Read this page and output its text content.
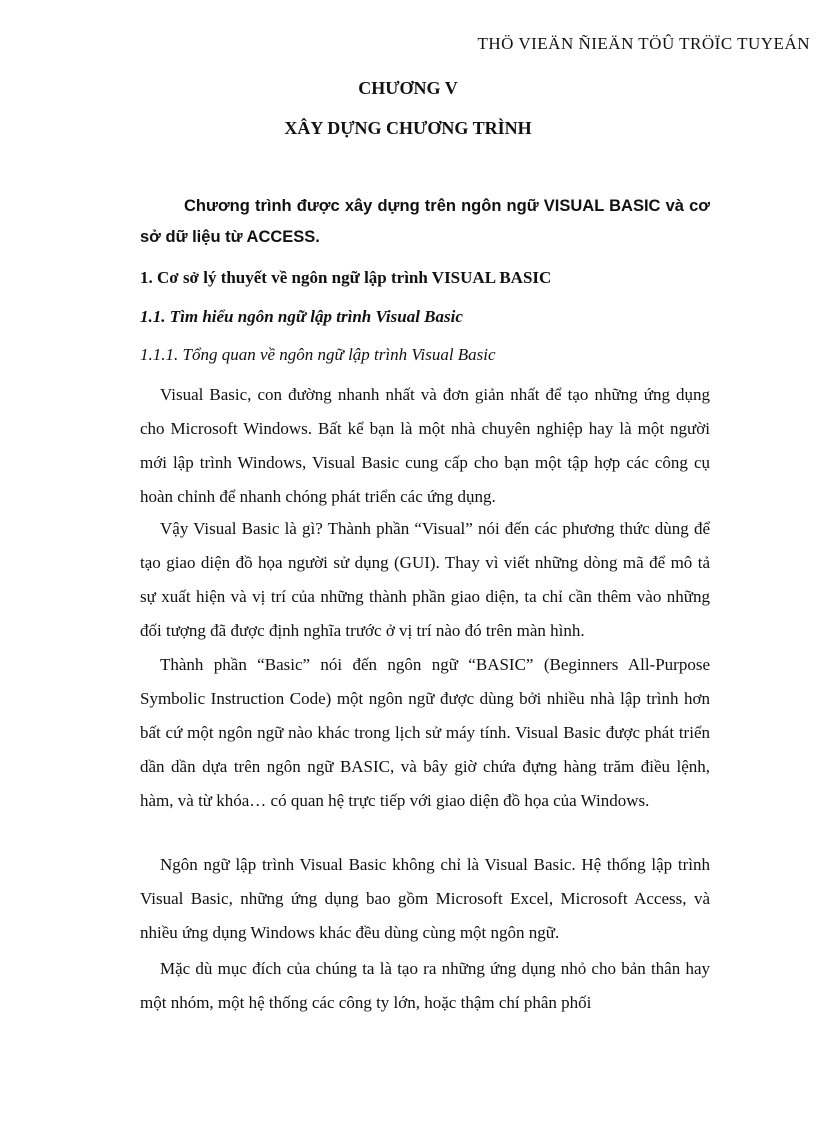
THÖ VIEÄN ÑIEÄN TÖÛ TRÖÏC TUYEÁN
CHƯƠNG V
XÂY DỰNG CHƯƠNG TRÌNH
Chương trình được xây dựng trên ngôn ngữ VISUAL BASIC và cơ sở dữ liệu từ ACCESS.
1. Cơ sở lý thuyết về ngôn ngữ lập trình VISUAL BASIC
1.1. Tìm hiểu ngôn ngữ lập trình Visual Basic
1.1.1. Tổng quan về ngôn ngữ lập trình Visual Basic

Visual Basic, con đường nhanh nhất và đơn giản nhất để tạo những ứng dụng cho Microsoft Windows. Bất kể bạn là một nhà chuyên nghiệp hay là một người mới lập trình Windows, Visual Basic cung cấp cho bạn một tập hợp các công cụ hoàn chỉnh để nhanh chóng phát triển các ứng dụng.

Vậy Visual Basic là gì? Thành phần “Visual” nói đến các phương thức dùng để tạo giao diện đồ họa người sử dụng (GUI). Thay vì viết những dòng mã để mô tả sự xuất hiện và vị trí của những thành phần giao diện, ta chỉ cần thêm vào những đối tượng đã được định nghĩa trước ở vị trí nào đó trên màn hình.

Thành phần “Basic” nói đến ngôn ngữ “BASIC” (Beginners All-Purpose Symbolic Instruction Code) một ngôn ngữ được dùng bởi nhiều nhà lập trình hơn bất cứ một ngôn ngữ nào khác trong lịch sử máy tính. Visual Basic được phát triển dần dần dựa trên ngôn ngữ BASIC, và bây giờ chứa đựng hàng trăm điều lệnh, hàm, và từ khóa… có quan hệ trực tiếp với giao diện đồ họa của Windows.

Ngôn ngữ lập trình Visual Basic không chỉ là Visual Basic. Hệ thống lập trình Visual Basic, những ứng dụng bao gồm Microsoft Excel, Microsoft Access, và nhiều ứng dụng Windows khác đều dùng cùng một ngôn ngữ.

Mặc dù mục đích của chúng ta là tạo ra những ứng dụng nhỏ cho bản thân hay một nhóm, một hệ thống các công ty lớn, hoặc thậm chí phân phối
